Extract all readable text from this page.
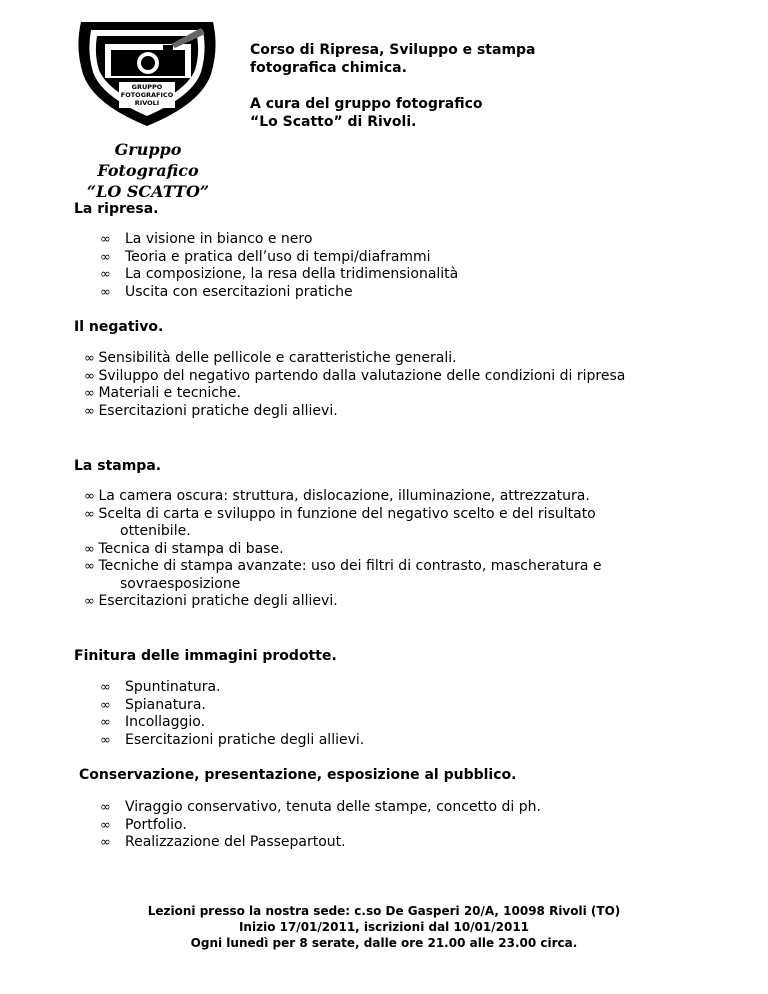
GRUPPO
FOTOGRAFICO
RIVOLI
Gruppo Fotografico
“LO SCATTO”

Corso di Ripresa, Sviluppo e stampa

fotografica chimica.

A cura del gruppo fotografico

“Lo Scatto” di Rivoli.

La ripresa.

∞ La visione in bianco e nero
∞ Teoria e pratica dell’uso di tempi/diaframmi
∞ La composizione, la resa della tridimensionalità
∞ Uscita con esercitazioni pratiche

Il negativo.

∞ Sensibilità delle pellicole e caratteristiche generali.
∞ Sviluppo del negativo partendo dalla valutazione delle condizioni di ripresa
∞ Materiali e tecniche.
∞ Esercitazioni pratiche degli allievi.

La stampa.

∞ La camera oscura: struttura, dislocazione, illuminazione, attrezzatura.
∞ Scelta di carta e sviluppo in funzione del negativo scelto e del risultato ottenibile.
∞ Tecnica di stampa di base.
∞ Tecniche di stampa avanzate: uso dei filtri di contrasto, mascheratura e sovraesposizione
∞ Esercitazioni pratiche degli allievi.

Finitura delle immagini prodotte.

∞ Spuntinatura.
∞ Spianatura.
∞ Incollaggio.
∞ Esercitazioni pratiche degli allievi.

Conservazione, presentazione, esposizione al pubblico.

∞ Viraggio conservativo, tenuta delle stampe, concetto di ph.
∞ Portfolio.
∞ Realizzazione del Passepartout.

Lezioni presso la nostra sede: c.so De Gasperi 20/A, 10098 Rivoli (TO)

Inizio 17/01/2011, iscrizioni dal 10/01/2011

Ogni lunedì per 8 serate, dalle ore 21.00 alle 23.00 circa.
